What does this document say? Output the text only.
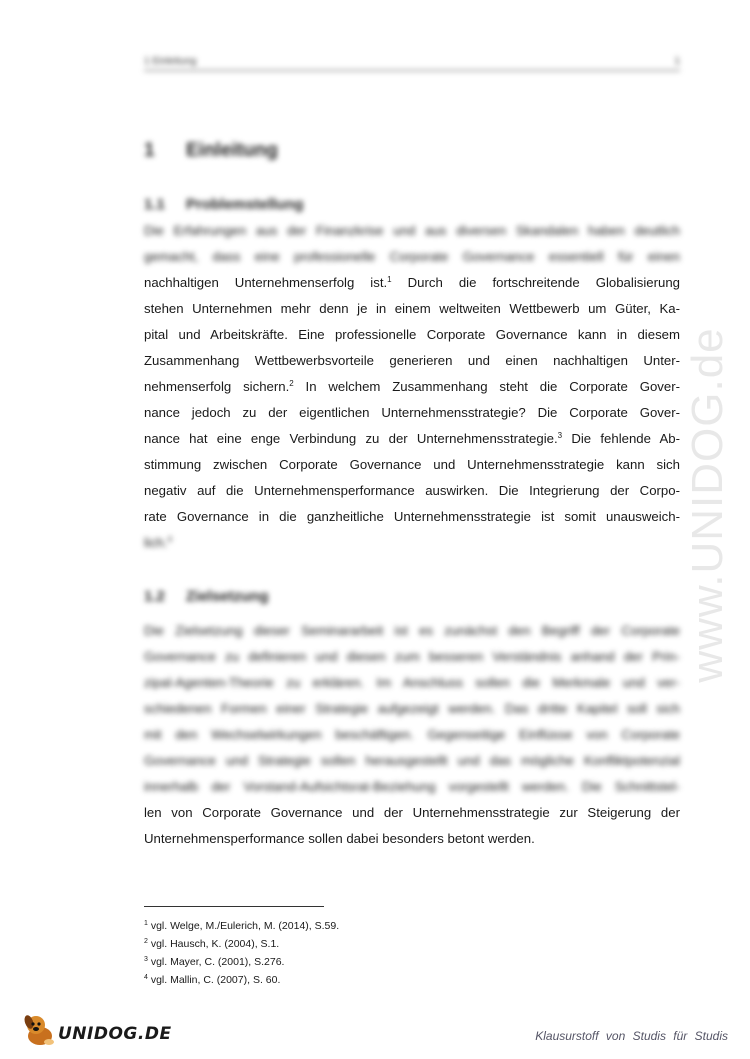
1 Einleitung	1
1 Einleitung
1.1 Problemstellung
Die Erfahrungen aus der Finanzkrise und aus diversen Skandalen haben deutlich
gemacht, dass eine professionelle Corporate Governance essentiell für einen
nachhaltigen Unternehmenserfolg ist.$^1$ Durch die fortschreitende Globalisierung
stehen Unternehmen mehr denn je in einem weltweiten Wettbewerb um Güter, Ka-
pital und Arbeitskräfte. Eine professionelle Corporate Governance kann in diesem
Zusammenhang Wettbewerbsvorteile generieren und einen nachhaltigen Unter-
nehmenserfolg sichern.$^2$ In welchem Zusammenhang steht die Corporate Gover-
nance jedoch zu der eigentlichen Unternehmensstrategie? Die Corporate Gover-
nance hat eine enge Verbindung zu der Unternehmensstrategie.$^3$ Die fehlende Ab-
stimmung zwischen Corporate Governance und Unternehmensstrategie kann sich
negativ auf die Unternehmensperformance auswirken. Die Integrierung der Corpo-
rate Governance in die ganzheitliche Unternehmensstrategie ist somit unausweich-
lich.$^4$
1.2 Zielsetzung
Die Zielsetzung dieser Seminararbeit ist es zunächst den Begriff der Corporate
Governance zu definieren und diesen zum besseren Verständnis anhand der Prin-
zipal-Agenten-Theorie zu erklären. Im Anschluss sollen die Merkmale und ver-
schiedenen Formen einer Strategie aufgezeigt werden. Das dritte Kapitel soll sich
mit den Wechselwirkungen beschäftigen. Gegenseitige Einflüsse von Corporate
Governance und Strategie sollen herausgestellt und das mögliche Konfliktpotenzial
innerhalb der Vorstand-Aufsichtsrat-Beziehung vorgestellt werden. Die Schnittstel-
len von Corporate Governance und der Unternehmensstrategie zur Steigerung der
Unternehmensperformance sollen dabei besonders betont werden.
$^1$ vgl. Welge, M./Eulerich, M. (2014), S.59.
$^2$ vgl. Hausch, K. (2004), S.1.
$^3$ vgl. Mayer, C. (2001), S.276.
$^4$ vgl. Mallin, C. (2007), S. 60.
www.UNIDOG.de
UNIDOG.DE	Klausurstoff von Studis für Studis
